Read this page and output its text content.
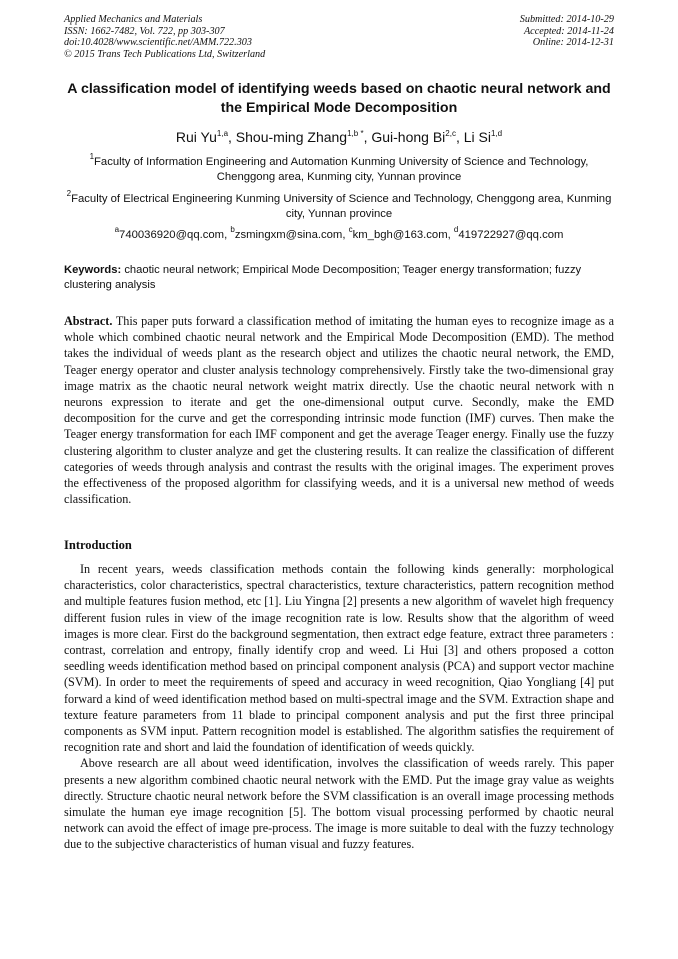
Applied Mechanics and Materials
ISSN: 1662-7482, Vol. 722, pp 303-307
doi:10.4028/www.scientific.net/AMM.722.303
© 2015 Trans Tech Publications Ltd, Switzerland
Submitted: 2014-10-29
Accepted: 2014-11-24
Online: 2014-12-31
A classification model of identifying weeds based on chaotic neural network and the Empirical Mode Decomposition
Rui Yu$^{1,a}$, Shou-ming Zhang$^{1,b *}$, Gui-hong Bi$^{2,c}$, Li Si$^{1,d}$
$^1$Faculty of Information Engineering and Automation Kunming University of Science and Technology, Chenggong area, Kunming city, Yunnan province
$^2$Faculty of Electrical Engineering Kunming University of Science and Technology, Chenggong area, Kunming city, Yunnan province
$^a$740036920@qq.com, $^b$zsmingxm@sina.com, $^c$km_bgh@163.com, $^d$419722927@qq.com
Keywords: chaotic neural network; Empirical Mode Decomposition; Teager energy transformation; fuzzy clustering analysis
Abstract. This paper puts forward a classification method of imitating the human eyes to recognize image as a whole which combined chaotic neural network and the Empirical Mode Decomposition (EMD). The method takes the individual of weeds plant as the research object and utilizes the chaotic neural network, the EMD, Teager energy operator and cluster analysis technology comprehensively. Firstly take the two-dimensional gray image matrix as the chaotic neural network weight matrix directly. Use the chaotic neural network with n neurons expression to iterate and get the one-dimensional output curve. Secondly, make the EMD decomposition for the curve and get the corresponding intrinsic mode function (IMF) curves. Then make the Teager energy transformation for each IMF component and get the average Teager energy. Finally use the fuzzy clustering algorithm to cluster analyze and get the clustering results. It can realize the classification of different categories of weeds through analysis and contrast the results with the original images. The experiment proves the effectiveness of the proposed algorithm for classifying weeds, and it is a universal new method of weeds classification.
Introduction

In recent years, weeds classification methods contain the following kinds generally: morphological characteristics, color characteristics, spectral characteristics, texture characteristics, pattern recognition method and multiple features fusion method, etc [1]. Liu Yingna [2] presents a new algorithm of wavelet high frequency different fusion rules in view of the image recognition rate is low. Results show that the algorithm of weed images is more clear. First do the background segmentation, then extract edge feature, extract three parameters : contrast, correlation and entropy, finally identify crop and weed. Li Hui [3] and others proposed a cotton seedling weeds identification method based on principal component analysis (PCA) and support vector machine (SVM). In order to meet the requirements of speed and accuracy in weed recognition, Qiao Yongliang [4] put forward a kind of weed identification method based on multi-spectral image and the SVM. Extraction shape and texture feature parameters from 11 blade to principal component analysis and put the first three principal components as SVM input. Pattern recognition model is established. The algorithm satisfies the requirement of recognition rate and short and laid the foundation of identification of weeds quickly.

Above research are all about weed identification, involves the classification of weeds rarely. This paper presents a new algorithm combined chaotic neural network with the EMD. Put the image gray value as weights directly. Structure chaotic neural network before the SVM classification is an overall image processing methods simulate the human eye image recognition [5]. The bottom visual processing performed by chaotic neural network can avoid the effect of image pre-process. The image is more suitable to deal with the fuzzy technology due to the subjective characteristics of human visual and fuzzy features.
